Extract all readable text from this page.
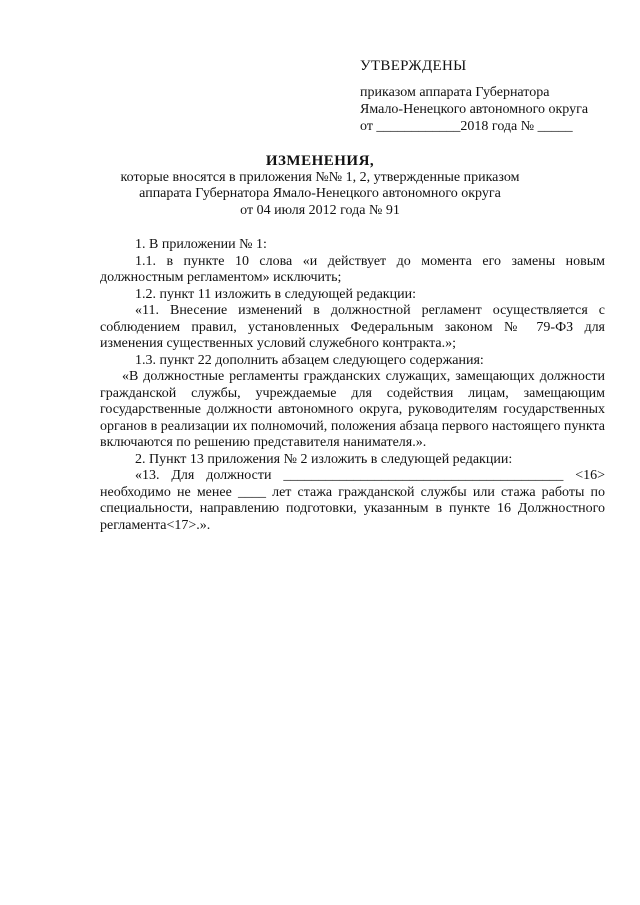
УТВЕРЖДЕНЫ
приказом аппарата Губернатора
Ямало-Ненецкого автономного округа
от ____________2018 года № _____
ИЗМЕНЕНИЯ,
которые вносятся в приложения №№ 1, 2, утвержденные приказом
аппарата Губернатора Ямало-Ненецкого автономного округа
от 04 июля 2012 года № 91

1. В приложении № 1:

1.1. в пункте 10 слова «и действует до момента его замены новым должностным регламентом» исключить;

1.2. пункт 11 изложить в следующей редакции:

«11. Внесение изменений в должностной регламент осуществляется с соблюдением правил, установленных Федеральным законом № 79-ФЗ для изменения существенных условий служебного контракта.»;

1.3. пункт 22 дополнить абзацем следующего содержания:

«В должностные регламенты гражданских служащих, замещающих должности гражданской службы, учреждаемые для содействия лицам, замещающим государственные должности автономного округа, руководителям государственных органов в реализации их полномочий, положения абзаца первого настоящего пункта включаются по решению представителя нанимателя.».

2. Пункт 13 приложения № 2 изложить в следующей редакции:

«13. Для должности ________________________________________ <16> необходимо не менее ____ лет стажа гражданской службы или стажа работы по специальности, направлению подготовки, указанным в пункте 16 Должностного регламента<17>.».
